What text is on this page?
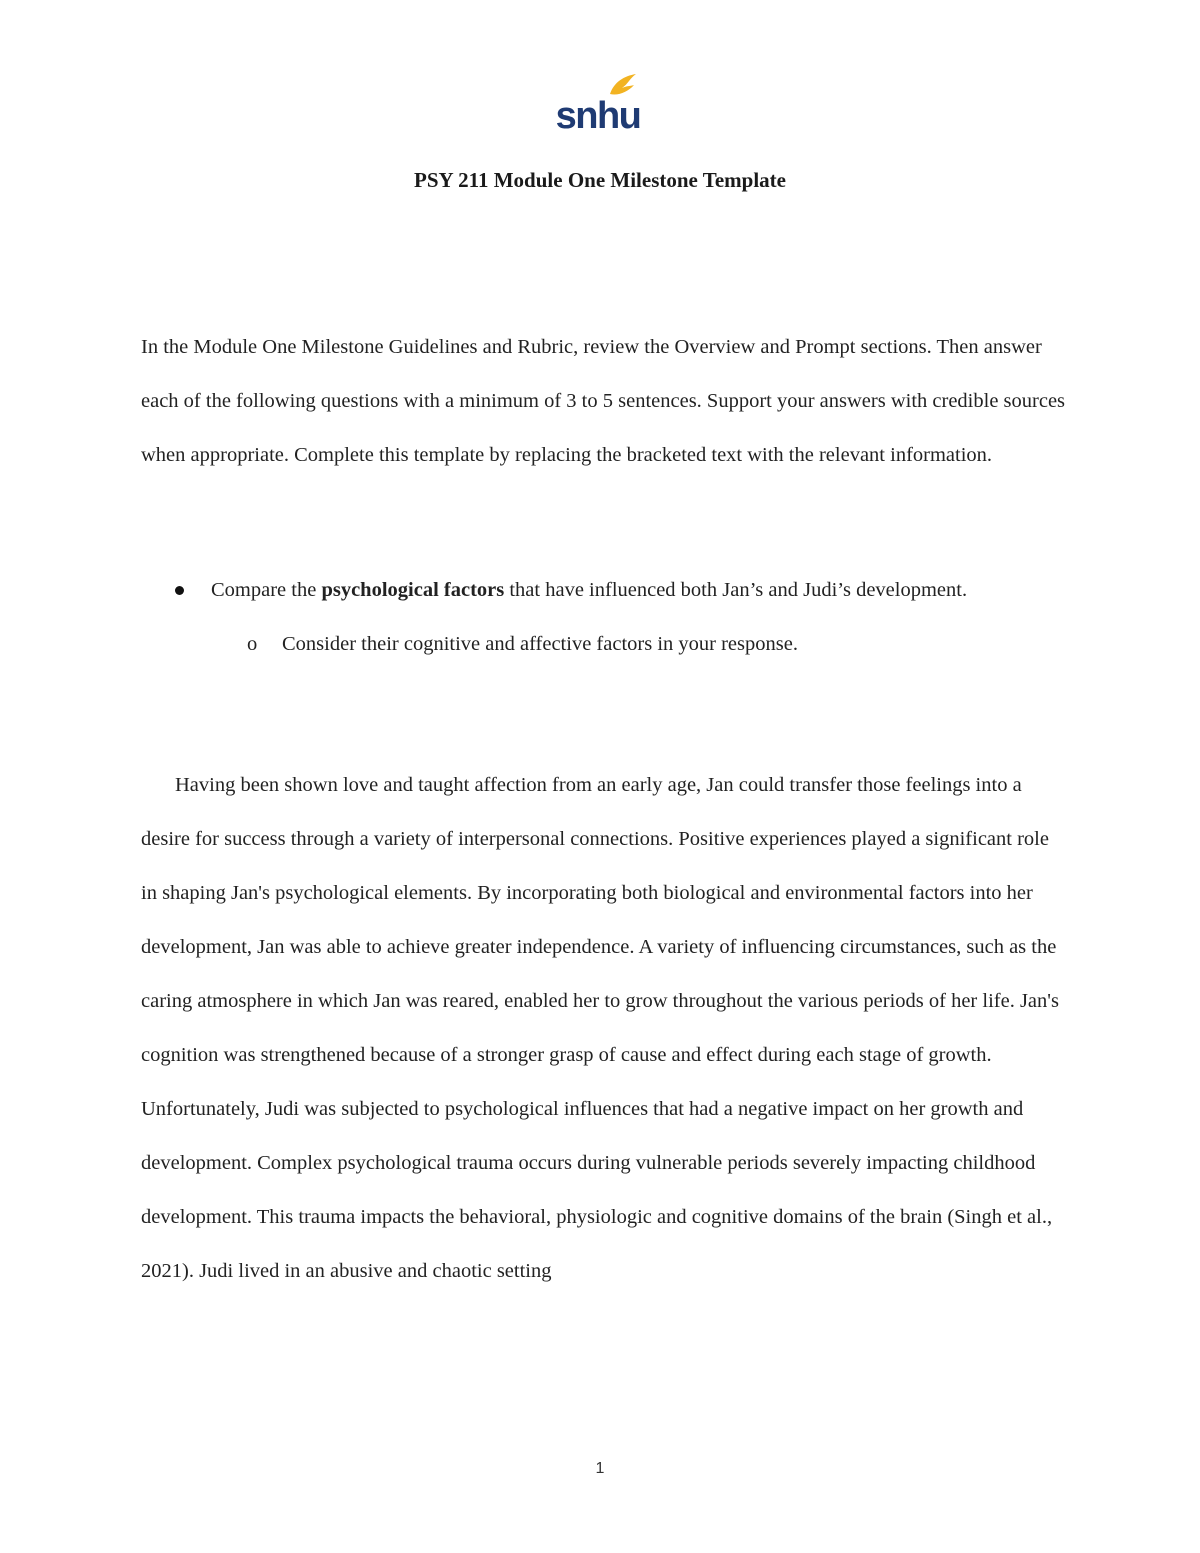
snhu
PSY 211 Module One Milestone Template
In the Module One Milestone Guidelines and Rubric, review the Overview and Prompt sections. Then answer each of the following questions with a minimum of 3 to 5 sentences. Support your answers with credible sources when appropriate. Complete this template by replacing the bracketed text with the relevant information.
Compare the psychological factors that have influenced both Jan’s and Judi’s development.
o Consider their cognitive and affective factors in your response.
Having been shown love and taught affection from an early age, Jan could transfer those feelings into a desire for success through a variety of interpersonal connections. Positive experiences played a significant role in shaping Jan's psychological elements. By incorporating both biological and environmental factors into her development, Jan was able to achieve greater independence. A variety of influencing circumstances, such as the caring atmosphere in which Jan was reared, enabled her to grow throughout the various periods of her life. Jan's cognition was strengthened because of a stronger grasp of cause and effect during each stage of growth. Unfortunately, Judi was subjected to psychological influences that had a negative impact on her growth and development. Complex psychological trauma occurs during vulnerable periods severely impacting childhood development. This trauma impacts the behavioral, physiologic and cognitive domains of the brain (Singh et al., 2021). Judi lived in an abusive and chaotic setting
1
